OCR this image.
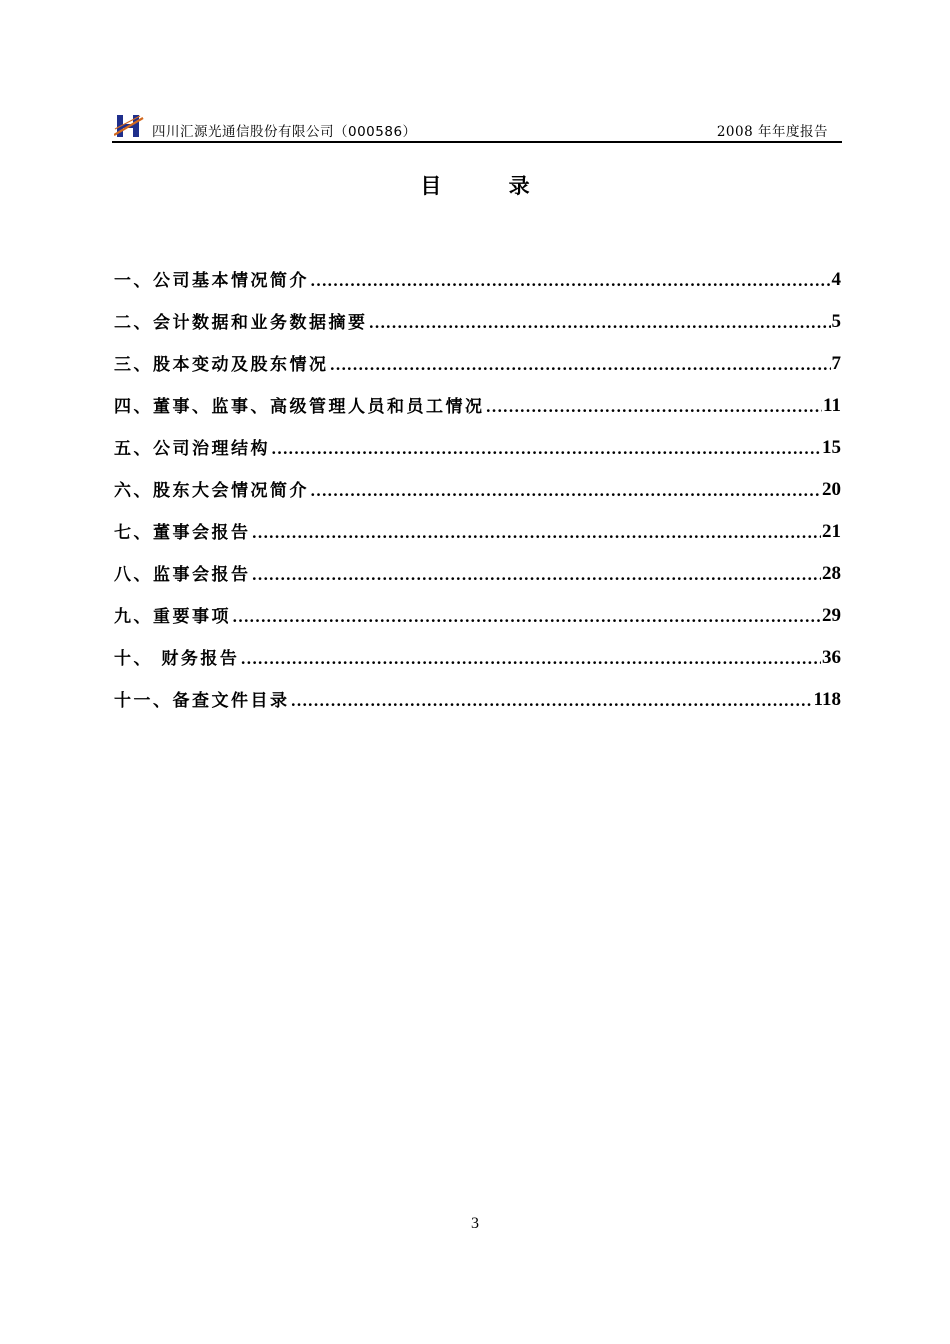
四川汇源光通信股份有限公司（000586）	2008 年年度报告
目 录
一、公司基本情况简介 ……………………………………………………………………………………………………………………………………………………………………	4
二、会计数据和业务数据摘要 ……………………………………………………………………………………………………………………………………………………………………	5
三、股本变动及股东情况 ……………………………………………………………………………………………………………………………………………………………………	7
四、董事、监事、高级管理人员和员工情况 ……………………………………………………………………………………………………………………………………………………………………	11
五、公司治理结构 ……………………………………………………………………………………………………………………………………………………………………	15
六、股东大会情况简介 ……………………………………………………………………………………………………………………………………………………………………	20
七、董事会报告 ……………………………………………………………………………………………………………………………………………………………………	21
八、监事会报告 ……………………………………………………………………………………………………………………………………………………………………	28
九、重要事项 ……………………………………………………………………………………………………………………………………………………………………	29
十、 财务报告 ……………………………………………………………………………………………………………………………………………………………………	36
十一、备查文件目录 ……………………………………………………………………………………………………………………………………………………………………	118
3
